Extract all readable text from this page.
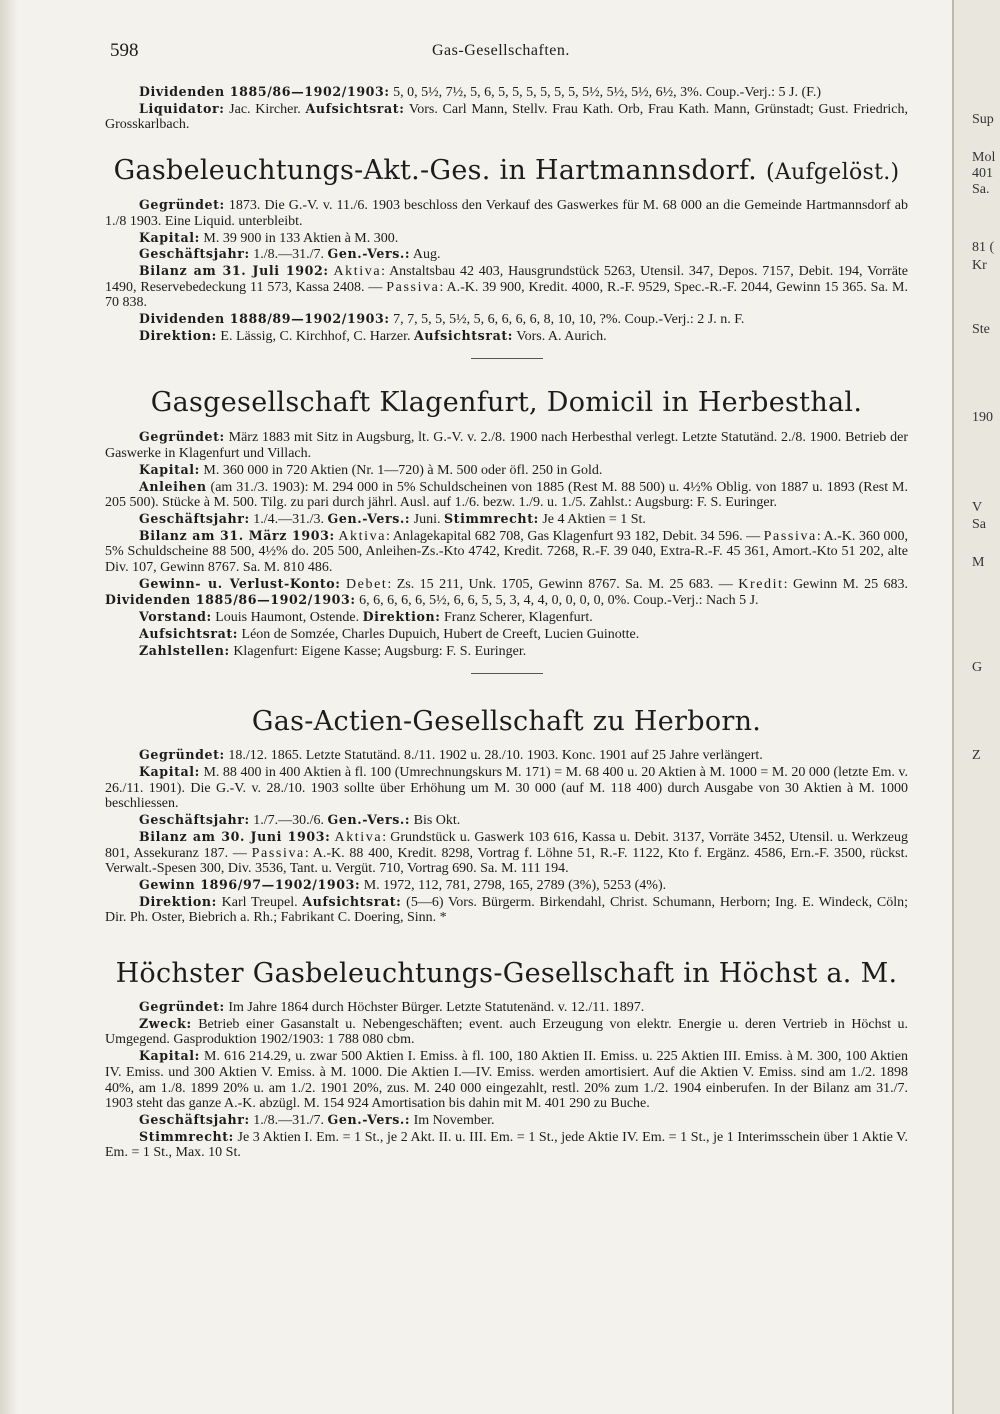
Sup
Mol
401
Sa.
81 (
Kr
Ste
190
V
Sa
M
G
Z
598	Gas-Gesellschaften.

Dividenden 1885/86—1902/1903: 5, 0, 5½, 7½, 5, 6, 5, 5, 5, 5, 5, 5, 5½, 5½, 5½, 6½, 3%. Coup.-Verj.: 5 J. (F.)

Liquidator: Jac. Kircher. Aufsichtsrat: Vors. Carl Mann, Stellv. Frau Kath. Orb, Frau Kath. Mann, Grünstadt; Gust. Friedrich, Grosskarlbach.

Gasbeleuchtungs-Akt.-Ges. in Hartmannsdorf. (Aufgelöst.)

Gegründet: 1873. Die G.-V. v. 11./6. 1903 beschloss den Verkauf des Gaswerkes für M. 68 000 an die Gemeinde Hartmannsdorf ab 1./8 1903. Eine Liquid. unterbleibt.

Kapital: M. 39 900 in 133 Aktien à M. 300.

Geschäftsjahr: 1./8.—31./7. Gen.-Vers.: Aug.

Bilanz am 31. Juli 1902: Aktiva: Anstaltsbau 42 403, Hausgrundstück 5263, Utensil. 347, Depos. 7157, Debit. 194, Vorräte 1490, Reservebedeckung 11 573, Kassa 2408. — Passiva: A.-K. 39 900, Kredit. 4000, R.-F. 9529, Spec.-R.-F. 2044, Gewinn 15 365. Sa. M. 70 838.

Dividenden 1888/89—1902/1903: 7, 7, 5, 5, 5½, 5, 6, 6, 6, 6, 8, 10, 10, ?%. Coup.-Verj.: 2 J. n. F.

Direktion: E. Lässig, C. Kirchhof, C. Harzer. Aufsichtsrat: Vors. A. Aurich.

Gasgesellschaft Klagenfurt, Domicil in Herbesthal.

Gegründet: März 1883 mit Sitz in Augsburg, lt. G.-V. v. 2./8. 1900 nach Herbesthal verlegt. Letzte Statutänd. 2./8. 1900. Betrieb der Gaswerke in Klagenfurt und Villach.

Kapital: M. 360 000 in 720 Aktien (Nr. 1—720) à M. 500 oder öfl. 250 in Gold.

Anleihen (am 31./3. 1903): M. 294 000 in 5% Schuldscheinen von 1885 (Rest M. 88 500) u. 4½% Oblig. von 1887 u. 1893 (Rest M. 205 500). Stücke à M. 500. Tilg. zu pari durch jährl. Ausl. auf 1./6. bezw. 1./9. u. 1./5. Zahlst.: Augsburg: F. S. Euringer.

Geschäftsjahr: 1./4.—31./3. Gen.-Vers.: Juni. Stimmrecht: Je 4 Aktien = 1 St.

Bilanz am 31. März 1903: Aktiva: Anlagekapital 682 708, Gas Klagenfurt 93 182, Debit. 34 596. — Passiva: A.-K. 360 000, 5% Schuldscheine 88 500, 4½% do. 205 500, Anleihen-Zs.-Kto 4742, Kredit. 7268, R.-F. 39 040, Extra-R.-F. 45 361, Amort.-Kto 51 202, alte Div. 107, Gewinn 8767. Sa. M. 810 486.

Gewinn- u. Verlust-Konto: Debet: Zs. 15 211, Unk. 1705, Gewinn 8767. Sa. M. 25 683. — Kredit: Gewinn M. 25 683. Dividenden 1885/86—1902/1903: 6, 6, 6, 6, 6, 5½, 6, 6, 5, 5, 3, 4, 4, 0, 0, 0, 0, 0%. Coup.-Verj.: Nach 5 J.

Vorstand: Louis Haumont, Ostende. Direktion: Franz Scherer, Klagenfurt.

Aufsichtsrat: Léon de Somzée, Charles Dupuich, Hubert de Creeft, Lucien Guinotte.

Zahlstellen: Klagenfurt: Eigene Kasse; Augsburg: F. S. Euringer.

Gas-Actien-Gesellschaft zu Herborn.

Gegründet: 18./12. 1865. Letzte Statutänd. 8./11. 1902 u. 28./10. 1903. Konc. 1901 auf 25 Jahre verlängert.

Kapital: M. 88 400 in 400 Aktien à fl. 100 (Umrechnungskurs M. 171) = M. 68 400 u. 20 Aktien à M. 1000 = M. 20 000 (letzte Em. v. 26./11. 1901). Die G.-V. v. 28./10. 1903 sollte über Erhöhung um M. 30 000 (auf M. 118 400) durch Ausgabe von 30 Aktien à M. 1000 beschliessen.

Geschäftsjahr: 1./7.—30./6. Gen.-Vers.: Bis Okt.

Bilanz am 30. Juni 1903: Aktiva: Grundstück u. Gaswerk 103 616, Kassa u. Debit. 3137, Vorräte 3452, Utensil. u. Werkzeug 801, Assekuranz 187. — Passiva: A.-K. 88 400, Kredit. 8298, Vortrag f. Löhne 51, R.-F. 1122, Kto f. Ergänz. 4586, Ern.-F. 3500, rückst. Verwalt.-Spesen 300, Div. 3536, Tant. u. Vergüt. 710, Vortrag 690. Sa. M. 111 194.

Gewinn 1896/97—1902/1903: M. 1972, 112, 781, 2798, 165, 2789 (3%), 5253 (4%).

Direktion: Karl Treupel. Aufsichtsrat: (5—6) Vors. Bürgerm. Birkendahl, Christ. Schumann, Herborn; Ing. E. Windeck, Cöln; Dir. Ph. Oster, Biebrich a. Rh.; Fabrikant C. Doering, Sinn. *

Höchster Gasbeleuchtungs-Gesellschaft in Höchst a. M.

Gegründet: Im Jahre 1864 durch Höchster Bürger. Letzte Statutenänd. v. 12./11. 1897.

Zweck: Betrieb einer Gasanstalt u. Nebengeschäften; event. auch Erzeugung von elektr. Energie u. deren Vertrieb in Höchst u. Umgegend. Gasproduktion 1902/1903: 1 788 080 cbm.

Kapital: M. 616 214.29, u. zwar 500 Aktien I. Emiss. à fl. 100, 180 Aktien II. Emiss. u. 225 Aktien III. Emiss. à M. 300, 100 Aktien IV. Emiss. und 300 Aktien V. Emiss. à M. 1000. Die Aktien I.—IV. Emiss. werden amortisiert. Auf die Aktien V. Emiss. sind am 1./2. 1898 40%, am 1./8. 1899 20% u. am 1./2. 1901 20%, zus. M. 240 000 eingezahlt, restl. 20% zum 1./2. 1904 einberufen. In der Bilanz am 31./7. 1903 steht das ganze A.-K. abzügl. M. 154 924 Amortisation bis dahin mit M. 401 290 zu Buche.

Geschäftsjahr: 1./8.—31./7. Gen.-Vers.: Im November.

Stimmrecht: Je 3 Aktien I. Em. = 1 St., je 2 Akt. II. u. III. Em. = 1 St., jede Aktie IV. Em. = 1 St., je 1 Interimsschein über 1 Aktie V. Em. = 1 St., Max. 10 St.
